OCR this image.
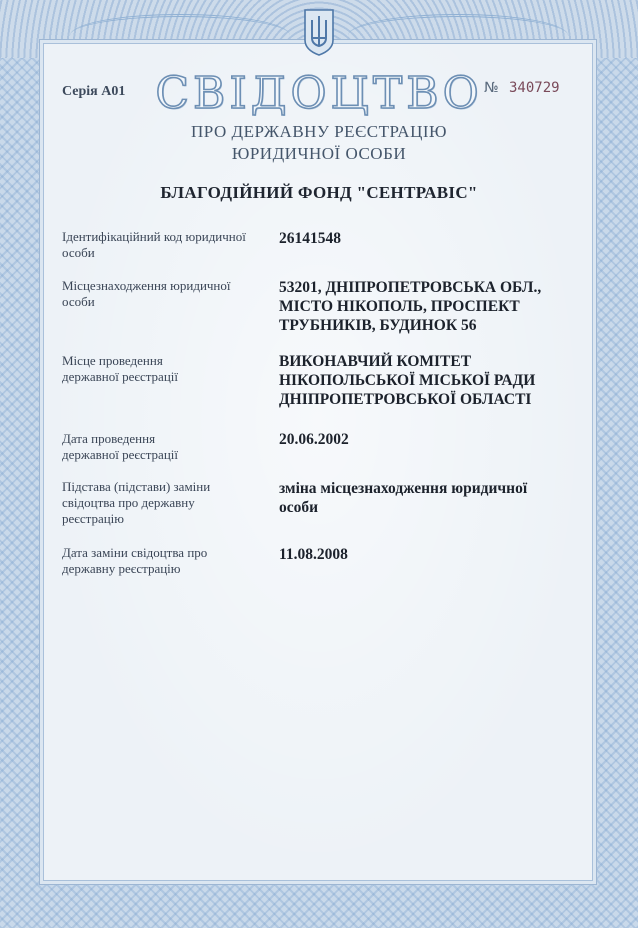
Серія А01 СВІДОЦТВО № 340729
ПРО ДЕРЖАВНУ РЕЄСТРАЦІЮ
ЮРИДИЧНОЇ ОСОБИ
БЛАГОДІЙНИЙ ФОНД "СЕНТРАВІС"
Ідентифікаційний код юридичної особи
26141548
Місцезнаходження юридичної особи
53201, ДНІПРОПЕТРОВСЬКА ОБЛ., МІСТО НІКОПОЛЬ, ПРОСПЕКТ ТРУБНИКІВ, БУДИНОК 56
Місце проведення державної реєстрації
ВИКОНАВЧИЙ КОМІТЕТ НІКОПОЛЬСЬКОЇ МІСЬКОЇ РАДИ ДНІПРОПЕТРОВСЬКОЇ ОБЛАСТІ
Дата проведення державної реєстрації
20.06.2002
Підстава (підстави) заміни свідоцтва про державну реєстрацію
зміна місцезнаходження юридичної особи
Дата заміни свідоцтва про державну реєстрацію
11.08.2008
